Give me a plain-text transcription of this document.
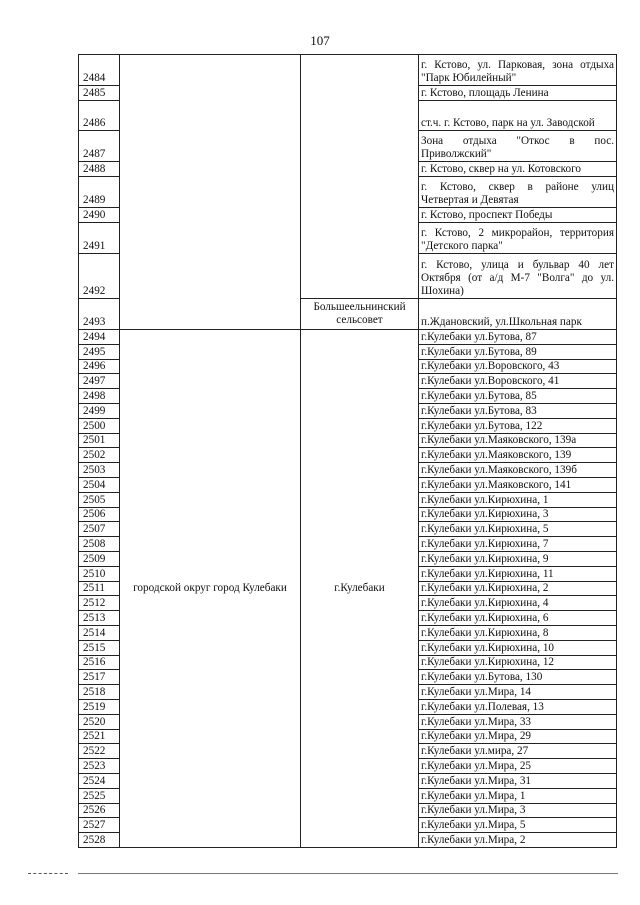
107
2484			г. Кстово, ул. Парковая, зона отдыха "Парк Юбилейный"
2485			г. Кстово, площадь Ленина
2486			ст.ч. г. Кстово, парк на ул. Заводской
2487			Зона отдыха "Откос в пос. Приволжский"
2488			г. Кстово, сквер на ул. Котовского
2489			г. Кстово, сквер в районе улиц Четвертая и Девятая
2490			г. Кстово, проспект Победы
2491			г. Кстово, 2 микрорайон, территория "Детского парка"
2492			г. Кстово, улица и бульвар 40 лет Октября (от а/д М-7 "Волга" до ул. Шохина)
2493		Большеельнинский сельсовет	п.Ждановский, ул.Школьная парк
2494	городской округ город Кулебаки	г.Кулебаки	г.Кулебаки ул.Бутова, 87
2495			г.Кулебаки ул.Бутова, 89
2496			г.Кулебаки ул.Воровского, 43
2497			г.Кулебаки ул.Воровского, 41
2498			г.Кулебаки ул.Бутова, 85
2499			г.Кулебаки ул.Бутова, 83
2500			г.Кулебаки ул.Бутова, 122
2501			г.Кулебаки ул.Маяковского, 139а
2502			г.Кулебаки ул.Маяковского, 139
2503			г.Кулебаки ул.Маяковского, 139б
2504			г.Кулебаки ул.Маяковского, 141
2505			г.Кулебаки ул.Кирюхина, 1
2506			г.Кулебаки ул.Кирюхина, 3
2507			г.Кулебаки ул.Кирюхина, 5
2508			г.Кулебаки ул.Кирюхина, 7
2509			г.Кулебаки ул.Кирюхина, 9
2510			г.Кулебаки ул.Кирюхина, 11
2511			г.Кулебаки ул.Кирюхина, 2
2512			г.Кулебаки ул.Кирюхина, 4
2513			г.Кулебаки ул.Кирюхина, 6
2514			г.Кулебаки ул.Кирюхина, 8
2515			г.Кулебаки ул.Кирюхина, 10
2516			г.Кулебаки ул.Кирюхина, 12
2517			г.Кулебаки ул.Бутова, 130
2518			г.Кулебаки ул.Мира, 14
2519			г.Кулебаки ул.Полевая, 13
2520			г.Кулебаки ул.Мира, 33
2521			г.Кулебаки ул.Мира, 29
2522			г.Кулебаки ул.мира, 27
2523			г.Кулебаки ул.Мира, 25
2524			г.Кулебаки ул.Мира, 31
2525			г.Кулебаки ул.Мира, 1
2526			г.Кулебаки ул.Мира, 3
2527			г.Кулебаки ул.Мира, 5
2528			г.Кулебаки ул.Мира, 2
